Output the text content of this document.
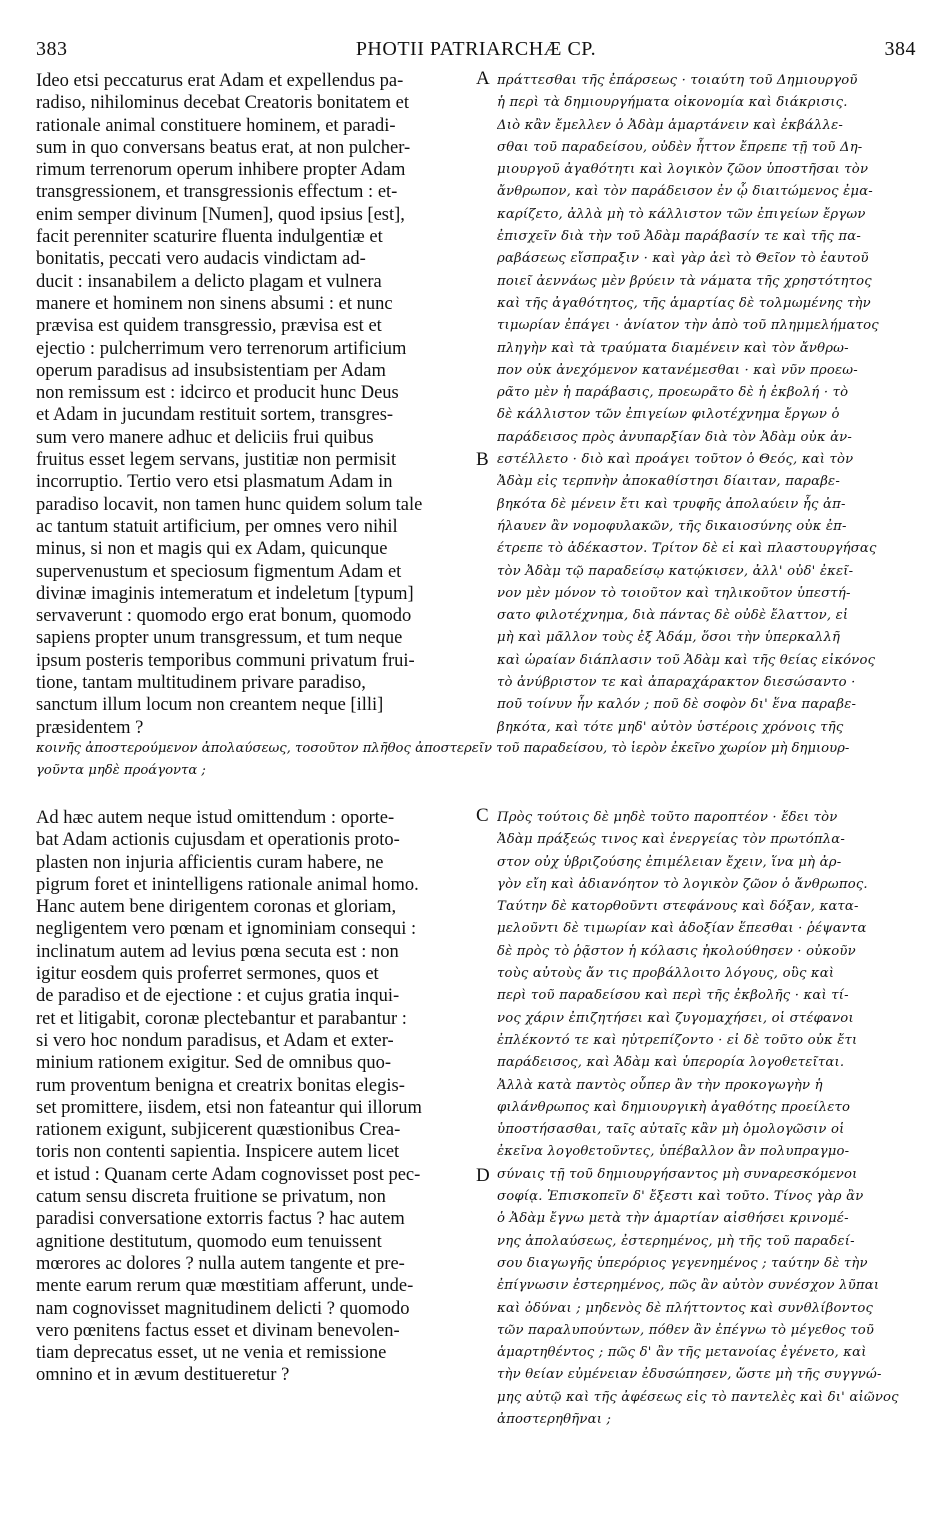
383	PHOTII PATRIARCHÆ CP.	384
Ideo etsi peccaturus erat Adam et expellendus pa-
radiso, nihilominus decebat Creatoris bonitatem et
rationale animal constituere hominem, et paradi-
sum in quo conversans beatus erat, at non pulcher-
rimum terrenorum operum inhibere propter Adam
transgressionem, et transgressionis effectum : et-
enim semper divinum [Numen], quod ipsius [est],
facit perenniter scaturire fluenta indulgentiæ et
bonitatis, peccati vero audacis vindictam ad-
ducit : insanabilem a delicto plagam et vulnera
manere et hominem non sinens absumi : et nunc
prævisa est quidem transgressio, prævisa est et
ejectio : pulcherrimum vero terrenorum artificium
operum paradisus ad insubsistentiam per Adam
non remissum est : idcirco et producit hunc Deus
et Adam in jucundam restituit sortem, transgres-
sum vero manere adhuc et deliciis frui quibus
fruitus esset legem servans, justitiæ non permisit
incorruptio. Tertio vero etsi plasmatum Adam in
paradiso locavit, non tamen hunc quidem solum tale
ac tantum statuit artificium, per omnes vero nihil
minus, si non et magis qui ex Adam, quicunque
supervenustum et speciosum figmentum Adam et
divinæ imaginis intemeratum et indeletum [typum]
servaverunt : quomodo ergo erat bonum, quomodo
sapiens propter unum transgressum, et tum neque
ipsum posteris temporibus communi privatum frui-
tione, tantam multitudinem privare paradiso,
sanctum illum locum non creantem neque [illi]
præsidentem ?
πράττεσθαι τῆς ἐπάρσεως · τοιαύτη τοῦ Δημιουργοῦ
ἡ περὶ τὰ δημιουργήματα οἰκονομία καὶ διάκρισις.
Διὸ κἂν ἔμελλεν ὁ Ἀδὰμ ἁμαρτάνειν καὶ ἐκβάλλε-
σθαι τοῦ παραδείσου, οὐδὲν ἧττον ἔπρεπε τῇ τοῦ Δη-
μιουργοῦ ἀγαθότητι καὶ λογικὸν ζῶον ὑποστῆσαι τὸν
ἄνθρωπον, καὶ τὸν παράδεισον ἐν ᾧ διαιτώμενος ἐμα-
καρίζετο, ἀλλὰ μὴ τὸ κάλλιστον τῶν ἐπιγείων ἔργων
ἐπισχεῖν διὰ τὴν τοῦ Ἀδὰμ παράβασίν τε καὶ τῆς πα-
ραβάσεως εἴσπραξιν · καὶ γὰρ ἀεὶ τὸ Θεῖον τὸ ἑαυτοῦ
ποιεῖ ἀεννάως μὲν βρύειν τὰ νάματα τῆς χρηστότητος
καὶ τῆς ἀγαθότητος, τῆς ἁμαρτίας δὲ τολμωμένης τὴν
τιμωρίαν ἐπάγει · ἀνίατον τὴν ἀπὸ τοῦ πλημμελήματος
πληγὴν καὶ τὰ τραύματα διαμένειν καὶ τὸν ἄνθρω-
πον οὐκ ἀνεχόμενον κατανέμεσθαι · καὶ νῦν προεω-
ρᾶτο μὲν ἡ παράβασις, προεωρᾶτο δὲ ἡ ἐκβολή · τὸ
δὲ κάλλιστον τῶν ἐπιγείων φιλοτέχνημα ἔργων ὁ
παράδεισος πρὸς ἀνυπαρξίαν διὰ τὸν Ἀδὰμ οὐκ ἀν-
εστέλλετο · διὸ καὶ προάγει τοῦτον ὁ Θεός, καὶ τὸν
Ἀδὰμ εἰς τερπνὴν ἀποκαθίστησι δίαιταν, παραβε-
βηκότα δὲ μένειν ἔτι καὶ τρυφῆς ἀπολαύειν ἧς ἀπ-
ήλαυεν ἂν νομοφυλακῶν, τῆς δικαιοσύνης οὐκ ἐπ-
έτρεπε τὸ ἀδέκαστον. Τρίτον δὲ εἰ καὶ πλαστουργήσας
τὸν Ἀδὰμ τῷ παραδείσῳ κατῴκισεν, ἀλλ' οὐδ' ἐκεῖ-
νον μὲν μόνον τὸ τοιοῦτον καὶ τηλικοῦτον ὑπεστή-
σατο φιλοτέχνημα, διὰ πάντας δὲ οὐδὲ ἔλαττον, εἰ
μὴ καὶ μᾶλλον τοὺς ἐξ Ἀδάμ, ὅσοι τὴν ὑπερκαλλῆ
καὶ ὡραίαν διάπλασιν τοῦ Ἀδὰμ καὶ τῆς θείας εἰκόνος
τὸ ἀνύβριστον τε καὶ ἀπαραχάρακτον διεσώσαντο ·
ποῦ τοίνυν ἦν καλόν ; ποῦ δὲ σοφὸν δι' ἕνα παραβε-
βηκότα, καὶ τότε μηδ' αὐτὸν ὑστέροις χρόνοις τῆς
A
B
κοινῆς ἀποστερούμενον ἀπολαύσεως, τοσοῦτον πλῆθος ἀποστερεῖν τοῦ παραδείσου, τὸ ἱερὸν ἐκεῖνο χωρίον μὴ δημιουρ-
γοῦντα μηδὲ προάγοντα ;
Ad hæc autem neque istud omittendum : oporte-
bat Adam actionis cujusdam et operationis proto-
plasten non injuria afficientis curam habere, ne
pigrum foret et inintelligens rationale animal homo.
Hanc autem bene dirigentem coronas et gloriam,
negligentem vero pœnam et ignominiam consequi :
inclinatum autem ad levius pœna secuta est : non
igitur eosdem quis proferret sermones, quos et
de paradiso et de ejectione : et cujus gratia inqui-
ret et litigabit, coronæ plectebantur et parabantur :
si vero hoc nondum paradisus, et Adam et exter-
minium rationem exigitur. Sed de omnibus quo-
rum proventum benigna et creatrix bonitas elegis-
set promittere, iisdem, etsi non fateantur qui illorum
rationem exigunt, subjicerent quæstionibus Crea-
toris non contenti sapientia. Inspicere autem licet
et istud : Quanam certe Adam cognovisset post pec-
catum sensu discreta fruitione se privatum, non
paradisi conversatione extorris factus ? hac autem
agnitione destitutum, quomodo eum tenuissent
mœrores ac dolores ? nulla autem tangente et pre-
mente earum rerum quæ mœstitiam afferunt, unde-
nam cognovisset magnitudinem delicti ? quomodo
vero pœnitens factus esset et divinam benevolen-
tiam deprecatus esset, ut ne venia et remissione
omnino et in ævum destitueretur ?
Πρὸς τούτοις δὲ μηδὲ τοῦτο παροπτέον · ἔδει τὸν
Ἀδὰμ πράξεώς τινος καὶ ἐνεργείας τὸν πρωτόπλα-
στον οὐχ ὑβριζούσης ἐπιμέλειαν ἔχειν, ἵνα μὴ ἀρ-
γὸν εἴη καὶ ἀδιανόητον τὸ λογικὸν ζῶον ὁ ἄνθρωπος.
Ταύτην δὲ κατορθοῦντι στεφάνους καὶ δόξαν, κατα-
μελοῦντι δὲ τιμωρίαν καὶ ἀδοξίαν ἕπεσθαι · ῥέψαντα
δὲ πρὸς τὸ ῥᾷστον ἡ κόλασις ἠκολούθησεν · οὐκοῦν
τοὺς αὐτοὺς ἄν τις προβάλλοιτο λόγους, οὓς καὶ
περὶ τοῦ παραδείσου καὶ περὶ τῆς ἐκβολῆς · καὶ τί-
νος χάριν ἐπιζητήσει καὶ ζυγομαχήσει, οἱ στέφανοι
ἐπλέκοντό τε καὶ ηὐτρεπίζοντο · εἰ δὲ τοῦτο οὐκ ἔτι
παράδεισος, καὶ Ἀδὰμ καὶ ὑπερορία λογοθετεῖται.
Ἀλλὰ κατὰ παντὸς οὗπερ ἂν τὴν προκογωγὴν ἡ
φιλάνθρωπος καὶ δημιουργικὴ ἀγαθότης προείλετο
ὑποστήσασθαι, ταῖς αὐταῖς κἂν μὴ ὁμολογῶσιν οἱ
ἐκεῖνα λογοθετοῦντες, ὑπέβαλλον ἂν πολυπραγμο-
σύναις τῇ τοῦ δημιουργήσαντος μὴ συναρεσκόμενοι
σοφίᾳ. Ἐπισκοπεῖν δ' ἔξεστι καὶ τοῦτο. Τίνος γὰρ ἂν
ὁ Ἀδὰμ ἔγνω μετὰ τὴν ἁμαρτίαν αἰσθήσει κρινομέ-
νης ἀπολαύσεως, ἐστερημένος, μὴ τῆς τοῦ παραδεί-
σου διαγωγῆς ὑπερόριος γεγενημένος ; ταύτην δὲ τὴν
ἐπίγνωσιν ἐστερημένος, πῶς ἂν αὐτὸν συνέσχον λῦπαι
καὶ ὀδύναι ; μηδενὸς δὲ πλήττοντος καὶ συνθλίβοντος
τῶν παραλυπούντων, πόθεν ἂν ἐπέγνω τὸ μέγεθος τοῦ
ἁμαρτηθέντος ; πῶς δ' ἂν τῆς μετανοίας ἐγένετο, καὶ
τὴν θείαν εὐμένειαν ἐδυσώπησεν, ὥστε μὴ τῆς συγγνώ-
μης αὐτῷ καὶ τῆς ἀφέσεως εἰς τὸ παντελὲς καὶ δι' αἰῶνος
ἀποστερηθῆναι ;
C
D
